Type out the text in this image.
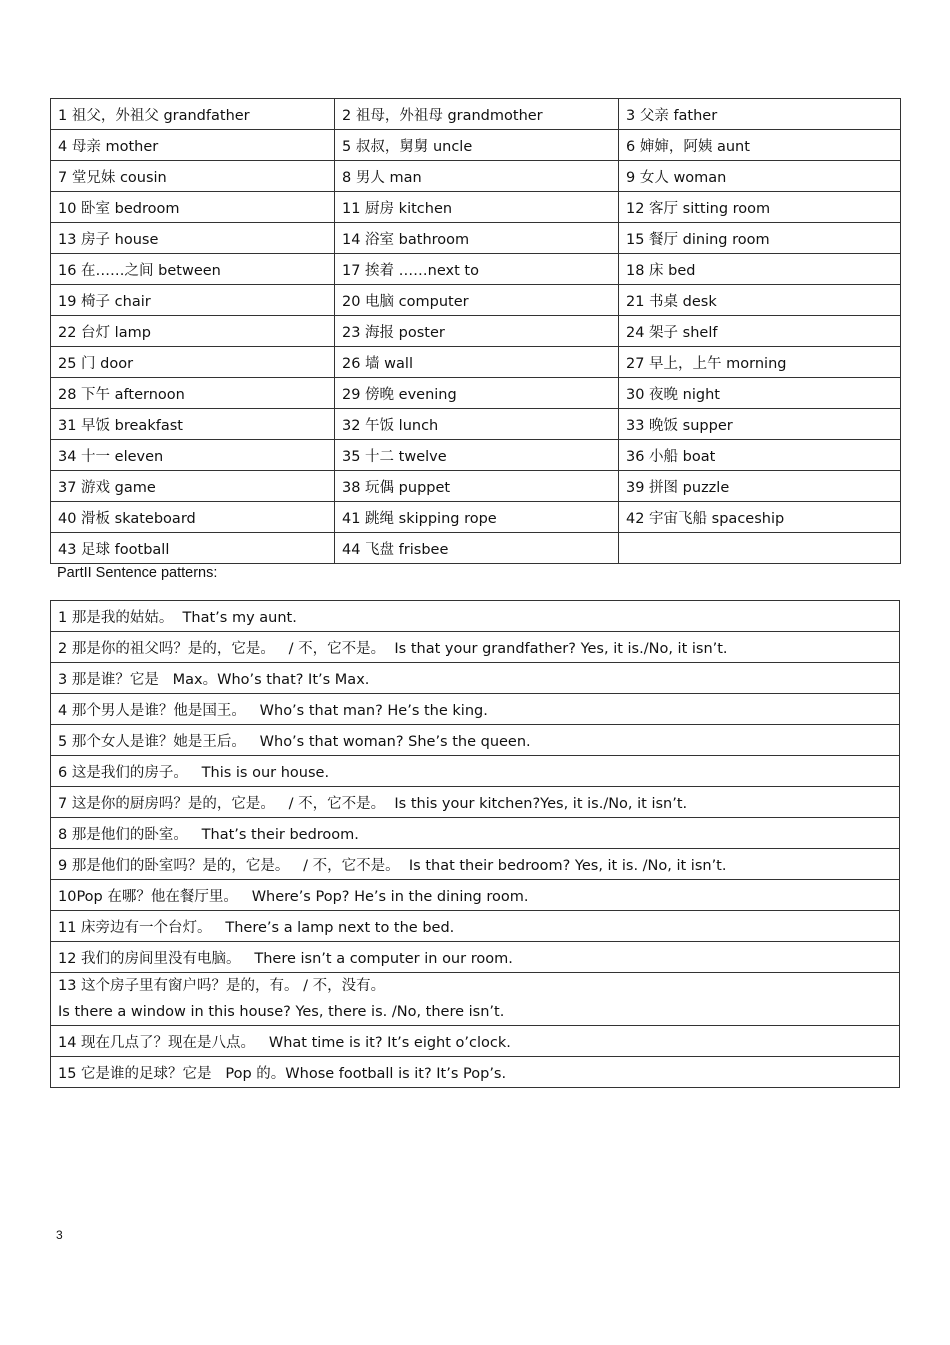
1 祖父，外祖父 grandfather	2 祖母，外祖母 grandmother	3 父亲 father
4 母亲 mother	5 叔叔，舅舅 uncle	6 婶婶，阿姨 aunt
7 堂兄妹 cousin	8 男人 man	9 女人 woman
10 卧室 bedroom	11 厨房 kitchen	12 客厅 sitting room
13 房子 house	14 浴室 bathroom	15 餐厅 dining room
16 在……之间 between	17 挨着 ……next to	18 床 bed
19 椅子 chair	20 电脑 computer	21 书桌 desk
22 台灯 lamp	23 海报 poster	24 架子 shelf
25 门 door	26 墙 wall	27 早上，上午 morning
28 下午 afternoon	29 傍晚 evening	30 夜晚 night
31 早饭 breakfast	32 午饭 lunch	33 晚饭 supper
34 十一 eleven	35 十二 twelve	36 小船 boat
37 游戏 game	38 玩偶 puppet	39 拼图 puzzle
40 滑板 skateboard	41 跳绳 skipping rope	42 宇宙飞船 spaceship
43 足球 football	44 飞盘 frisbee	
PartII Sentence patterns:
1 那是我的姑姑。  That’s my aunt.
2 那是你的祖父吗？是的，它是。   / 不，它不是。  Is that your grandfather? Yes, it is./No, it isn’t.
3 那是谁？它是   Max。Who’s that? It’s Max.
4 那个男人是谁？他是国王。   Who’s that man? He’s the king.
5 那个女人是谁？她是王后。   Who’s that woman? She’s the queen.
6 这是我们的房子。   This is our house.
7 这是你的厨房吗？是的，它是。   / 不，它不是。  Is this your kitchen?Yes, it is./No, it isn’t.
8 那是他们的卧室。   That’s their bedroom.
9 那是他们的卧室吗？是的，它是。   / 不，它不是。  Is that their bedroom? Yes, it is. /No, it isn’t.
10Pop 在哪？他在餐厅里。   Where’s Pop? He’s in the dining room.
11 床旁边有一个台灯。   There’s a lamp next to the bed.
12 我们的房间里没有电脑。   There isn’t a computer in our room.
13 这个房子里有窗户吗？是的，有。 / 不，没有。
Is there a window in this house? Yes, there is. /No, there isn’t.
14 现在几点了？现在是八点。   What time is it? It’s eight o’clock.
15 它是谁的足球？它是   Pop 的。Whose football is it? It’s Pop’s.
3
